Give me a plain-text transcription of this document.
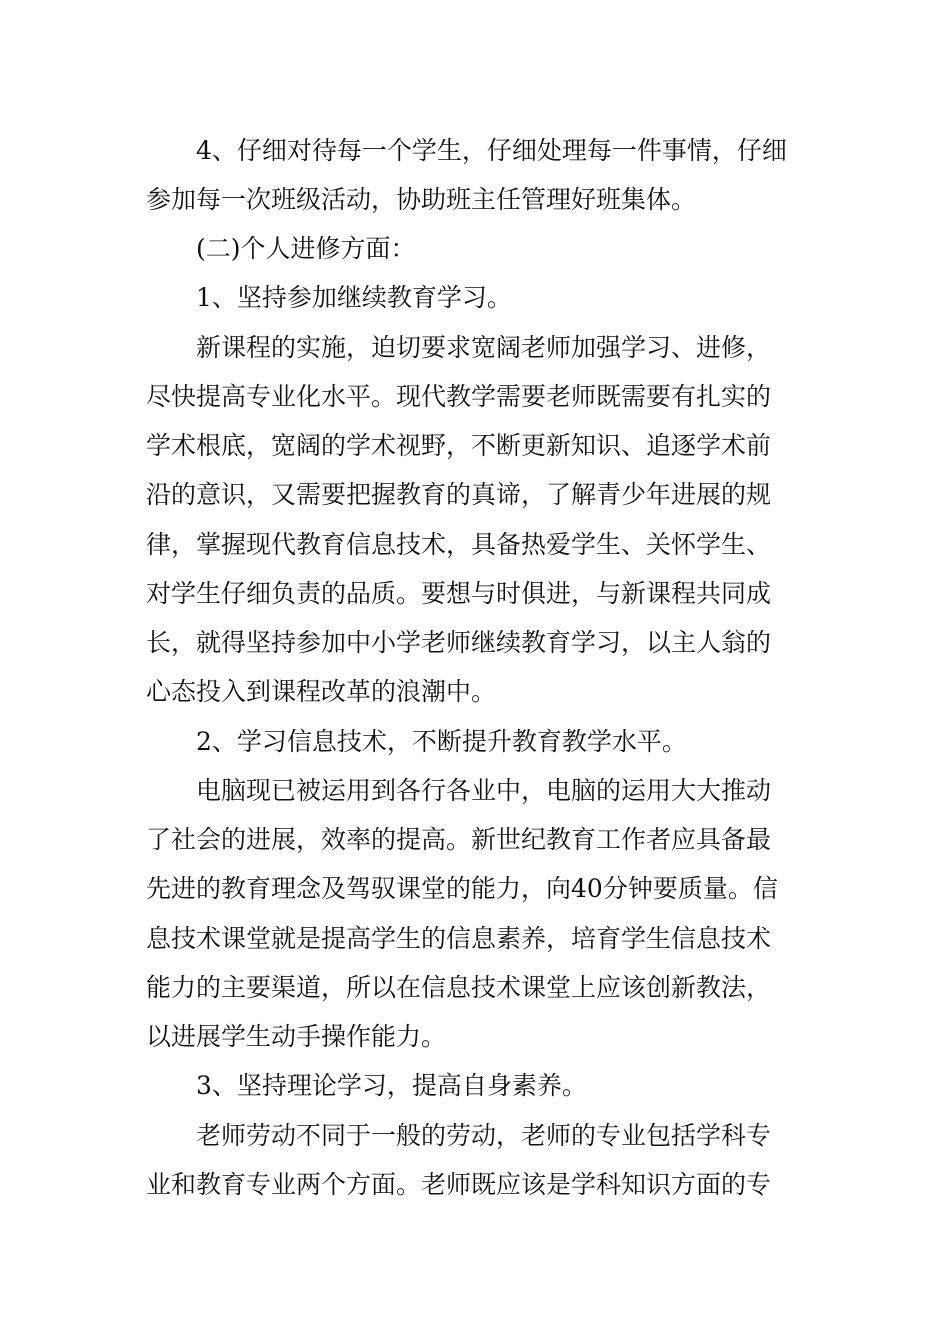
4、仔细对待每一个学生，仔细处理每一件事情，仔细
参加每一次班级活动，协助班主任管理好班集体。
(二)个人进修方面：
1、坚持参加继续教育学习。
新课程的实施，迫切要求宽阔老师加强学习、进修，
尽快提高专业化水平。现代教学需要老师既需要有扎实的
学术根底，宽阔的学术视野，不断更新知识、追逐学术前
沿的意识，又需要把握教育的真谛，了解青少年进展的规
律，掌握现代教育信息技术，具备热爱学生、关怀学生、
对学生仔细负责的品质。要想与时俱进，与新课程共同成
长，就得坚持参加中小学老师继续教育学习，以主人翁的
心态投入到课程改革的浪潮中。
2、学习信息技术，不断提升教育教学水平。
电脑现已被运用到各行各业中，电脑的运用大大推动
了社会的进展，效率的提高。新世纪教育工作者应具备最
先进的教育理念及驾驭课堂的能力，向40分钟要质量。信
息技术课堂就是提高学生的信息素养，培育学生信息技术
能力的主要渠道，所以在信息技术课堂上应该创新教法，
以进展学生动手操作能力。
3、坚持理论学习，提高自身素养。
老师劳动不同于一般的劳动，老师的专业包括学科专
业和教育专业两个方面。老师既应该是学科知识方面的专
